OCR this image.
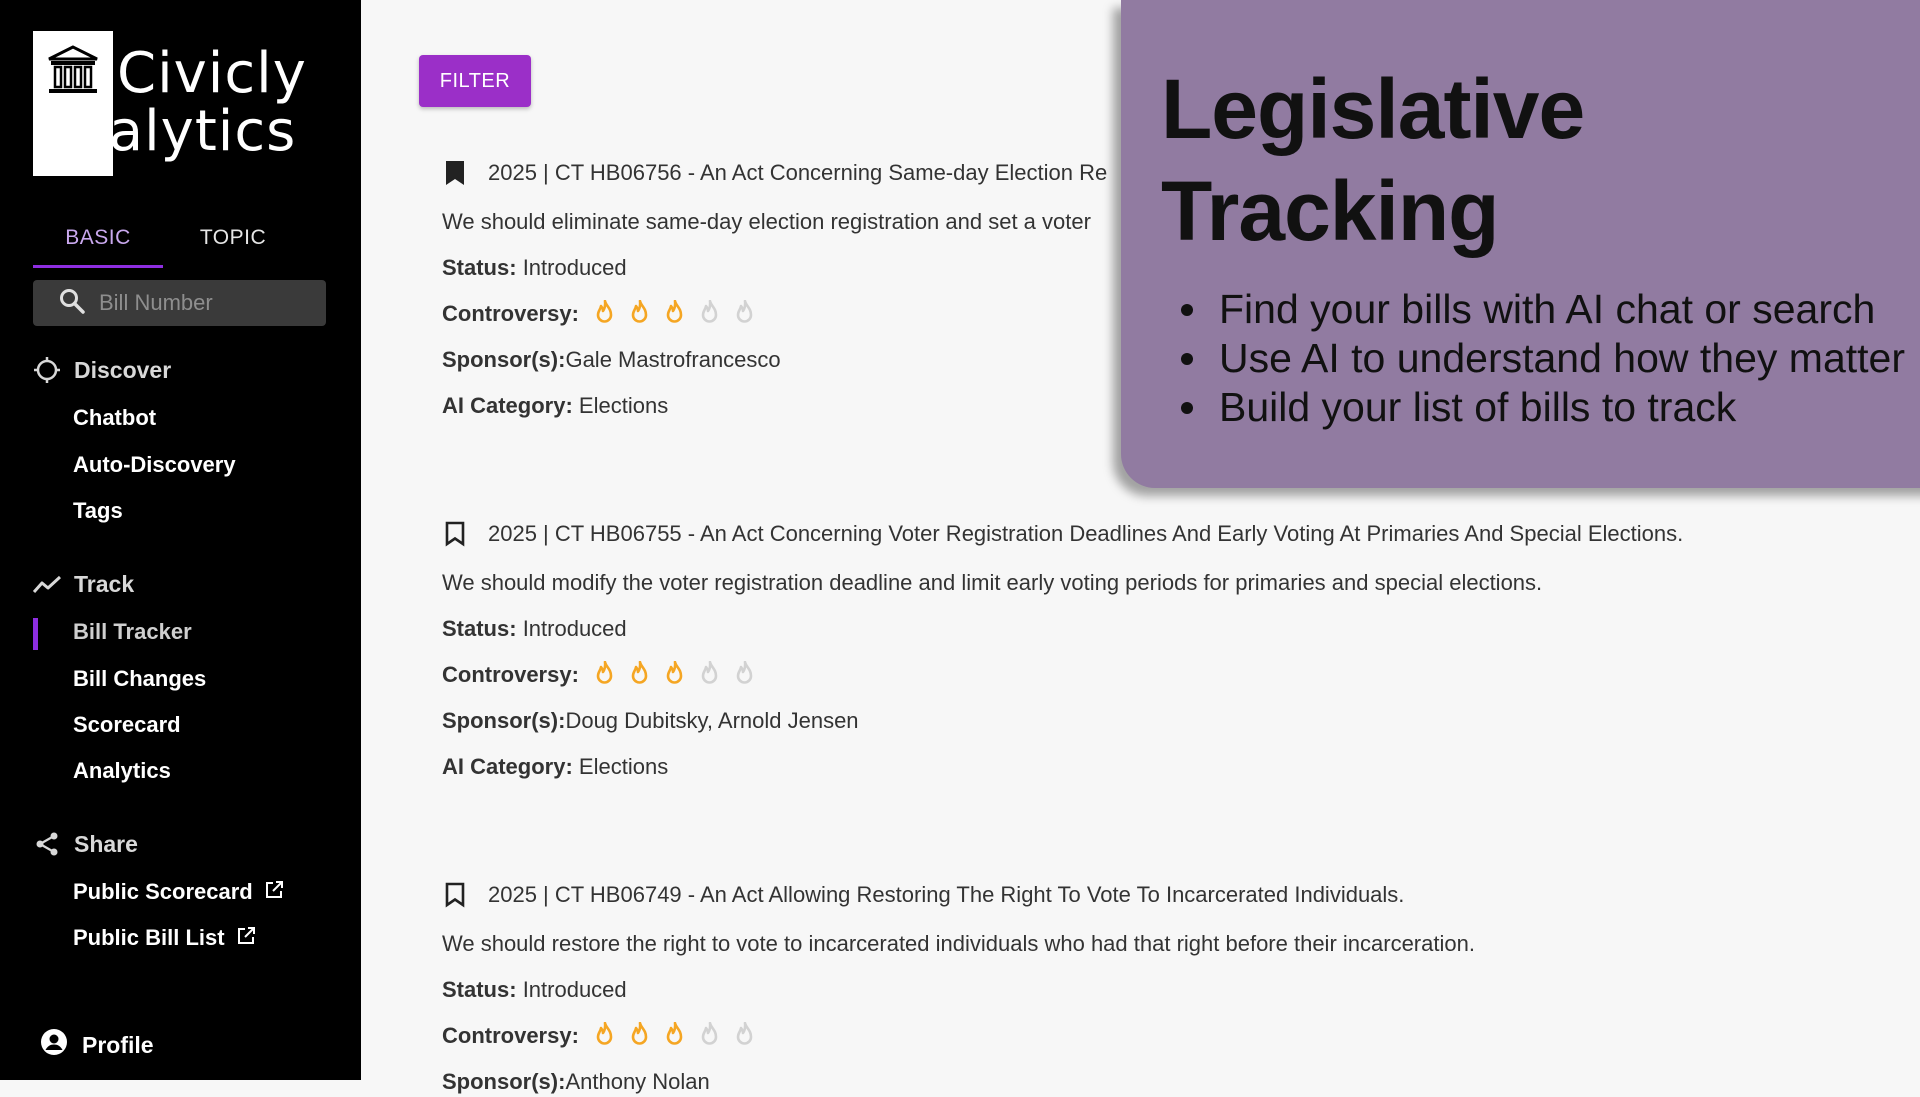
Civicly
Analytics
BASIC	TOPIC
Bill Number
Discover
Chatbot
Auto-Discovery
Tags
Track
Bill Tracker
Bill Changes
Scorecard
Analytics
Share
Public Scorecard
Public Bill List
Profile
FILTER
2025 | CT HB06756 - An Act Concerning Same-day Election Re
We should eliminate same-day election registration and set a voter
Status:
Introduced
Controversy:
Sponsor(s): Gale Mastrofrancesco
AI Category:
Elections
2025 | CT HB06755 - An Act Concerning Voter Registration Deadlines And Early Voting At Primaries And Special Elections.
We should modify the voter registration deadline and limit early voting periods for primaries and special elections.
Status:
Introduced
Controversy:
Sponsor(s): Doug Dubitsky, Arnold Jensen
AI Category:
Elections
2025 | CT HB06749 - An Act Allowing Restoring The Right To Vote To Incarcerated Individuals.
We should restore the right to vote to incarcerated individuals who had that right before their incarceration.
Status:
Introduced
Controversy:
Sponsor(s): Anthony Nolan
Legislative
Tracking
Find your bills with AI chat or search
Use AI to understand how they matter
Build your list of bills to track
